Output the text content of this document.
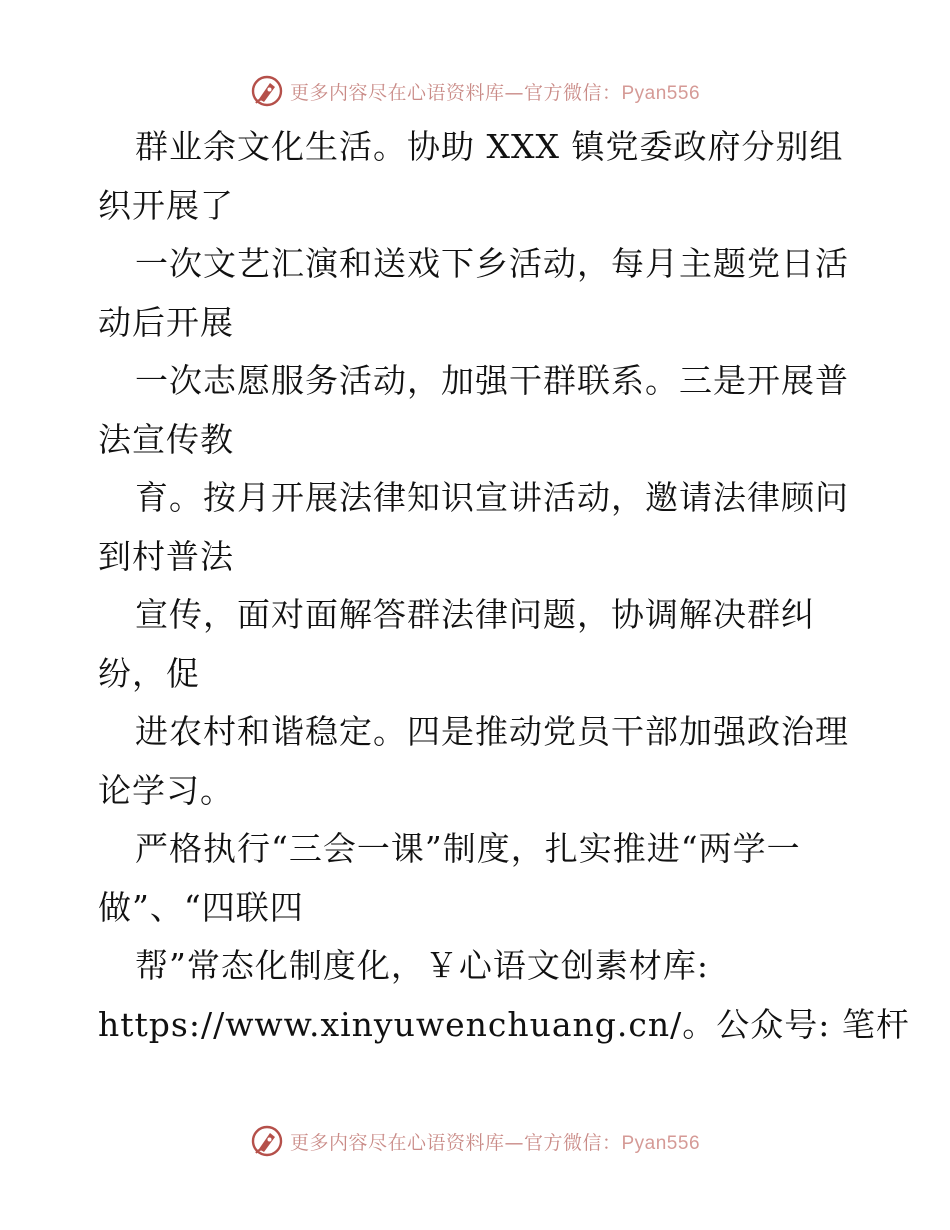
更多内容尽在心语资料库—官方微信：Pyan556
群业余文化生活。协助 XXX 镇党委政府分别组
织开展了
一次文艺汇演和送戏下乡活动，每月主题党日活
动后开展
一次志愿服务活动，加强干群联系。三是开展普
法宣传教
育。按月开展法律知识宣讲活动，邀请法律顾问
到村普法
宣传，面对面解答群法律问题，协调解决群纠
纷，促
进农村和谐稳定。四是推动党员干部加强政治理
论学习。
严格执行“三会一课”制度，扎实推进“两学一
做”、“四联四
帮”常态化制度化，￥心语文创素材库:
https://www.xinyuwenchuang.cn/。公众号: 笔杆
更多内容尽在心语资料库—官方微信：Pyan556
